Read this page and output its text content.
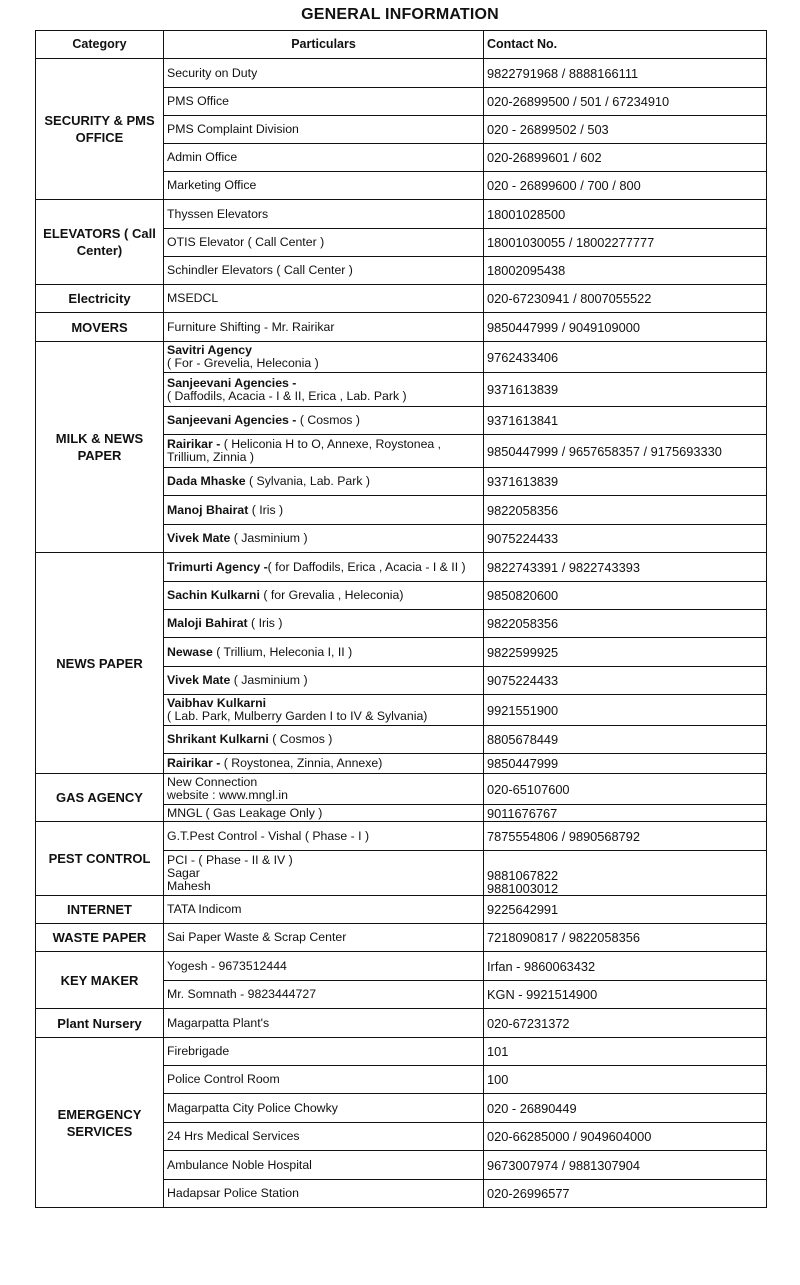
GENERAL INFORMATION
Category	Particulars	Contact No.
SECURITY & PMS OFFICE	Security on Duty	9822791968 / 8888166111
	PMS Office	020-26899500 / 501 / 67234910
	PMS Complaint Division	020 - 26899502 / 503
	Admin Office	020-26899601 / 602
	Marketing Office	020 - 26899600 / 700 / 800
ELEVATORS ( Call Center)	Thyssen Elevators	18001028500
	OTIS Elevator ( Call Center )	18001030055 / 18002277777
	Schindler Elevators ( Call Center )	18002095438
Electricity	MSEDCL	020-67230941 / 8007055522
MOVERS	Furniture Shifting - Mr. Rairikar	9850447999 / 9049109000
MILK & NEWS PAPER	Savitri Agency
( For - Grevelia, Heleconia )	9762433406
	Sanjeevani Agencies -
( Daffodils, Acacia - I & II, Erica , Lab. Park )	9371613839
	Sanjeevani Agencies - ( Cosmos )	9371613841
	Rairikar - ( Heliconia H to O, Annexe, Roystonea ,
Trillium, Zinnia )	9850447999 / 9657658357 / 9175693330
	Dada Mhaske ( Sylvania, Lab. Park )	9371613839
	Manoj Bhairat ( Iris )	9822058356
	Vivek Mate ( Jasminium )	9075224433
NEWS PAPER	Trimurti Agency -( for Daffodils, Erica , Acacia - I & II )	9822743391 / 9822743393
	Sachin Kulkarni ( for Grevalia , Heleconia)	9850820600
	Maloji Bahirat ( Iris )	9822058356
	Newase ( Trillium, Heleconia I, II )	9822599925
	Vivek Mate ( Jasminium )	9075224433
	Vaibhav Kulkarni
( Lab. Park, Mulberry Garden I to IV & Sylvania)	9921551900
	Shrikant Kulkarni ( Cosmos )	8805678449
	Rairikar - ( Roystonea, Zinnia, Annexe)	9850447999
GAS AGENCY	New Connection
website : www.mngl.in	020-65107600
	MNGL ( Gas Leakage Only )	9011676767
PEST CONTROL	G.T.Pest Control - Vishal ( Phase - I )	7875554806 / 9890568792

	PCI - ( Phase - II & IV )
Sagar
Mahesh	9881067822
9881003012

INTERNET	TATA Indicom	9225642991
WASTE PAPER	Sai Paper Waste & Scrap Center	7218090817 / 9822058356
KEY MAKER	Yogesh - 9673512444	Irfan - 9860063432
	Mr. Somnath - 9823444727	KGN - 9921514900
Plant Nursery	Magarpatta Plant's	020-67231372
EMERGENCY SERVICES	Firebrigade	101
	Police Control Room	100
	Magarpatta City Police Chowky	020 - 26890449
	24 Hrs Medical Services	020-66285000 / 9049604000
	Ambulance Noble Hospital	9673007974 / 9881307904
	Hadapsar Police Station	020-26996577
